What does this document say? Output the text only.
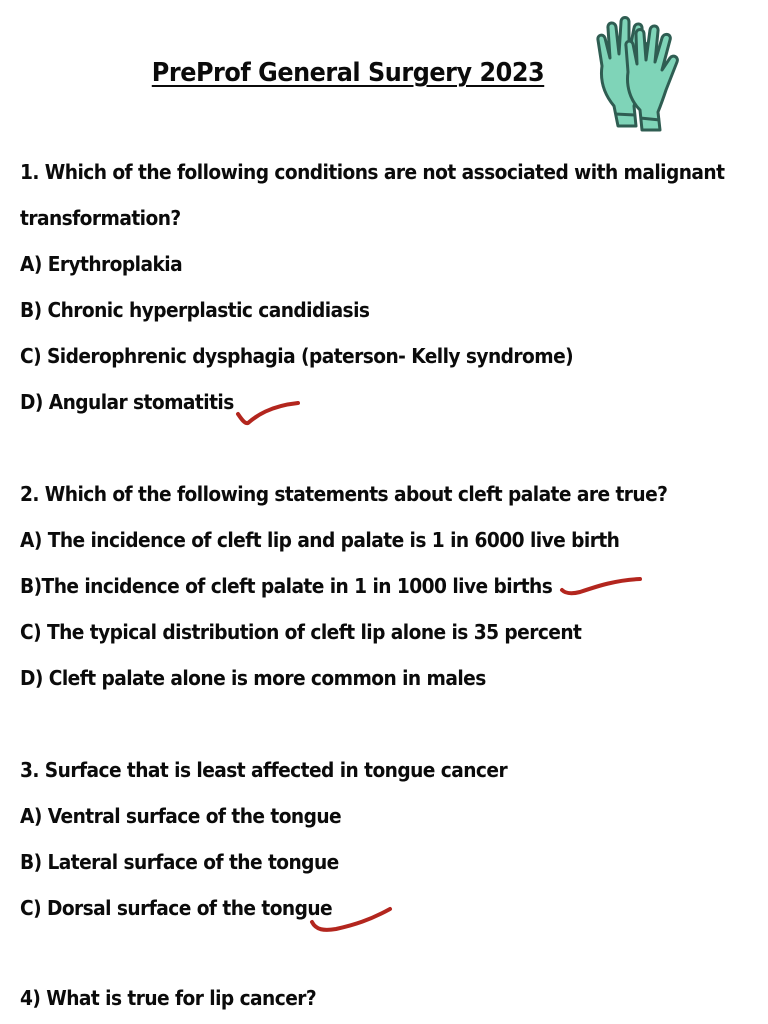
PreProf General Surgery 2023
1. Which of the following conditions are not associated with malignant
transformation?
A) Erythroplakia
B) Chronic hyperplastic candidiasis
C) Siderophrenic dysphagia (paterson- Kelly syndrome)
D) Angular stomatitis
2. Which of the following statements about cleft palate are true?
A) The incidence of cleft lip and palate is 1 in 6000 live birth
B)The incidence of cleft palate in 1 in 1000 live births
C) The typical distribution of cleft lip alone is 35 percent
D) Cleft palate alone is more common in males
3. Surface that is least affected in tongue cancer
A) Ventral surface of the tongue
B) Lateral surface of the tongue
C) Dorsal surface of the tongue
4) What is true for lip cancer?
